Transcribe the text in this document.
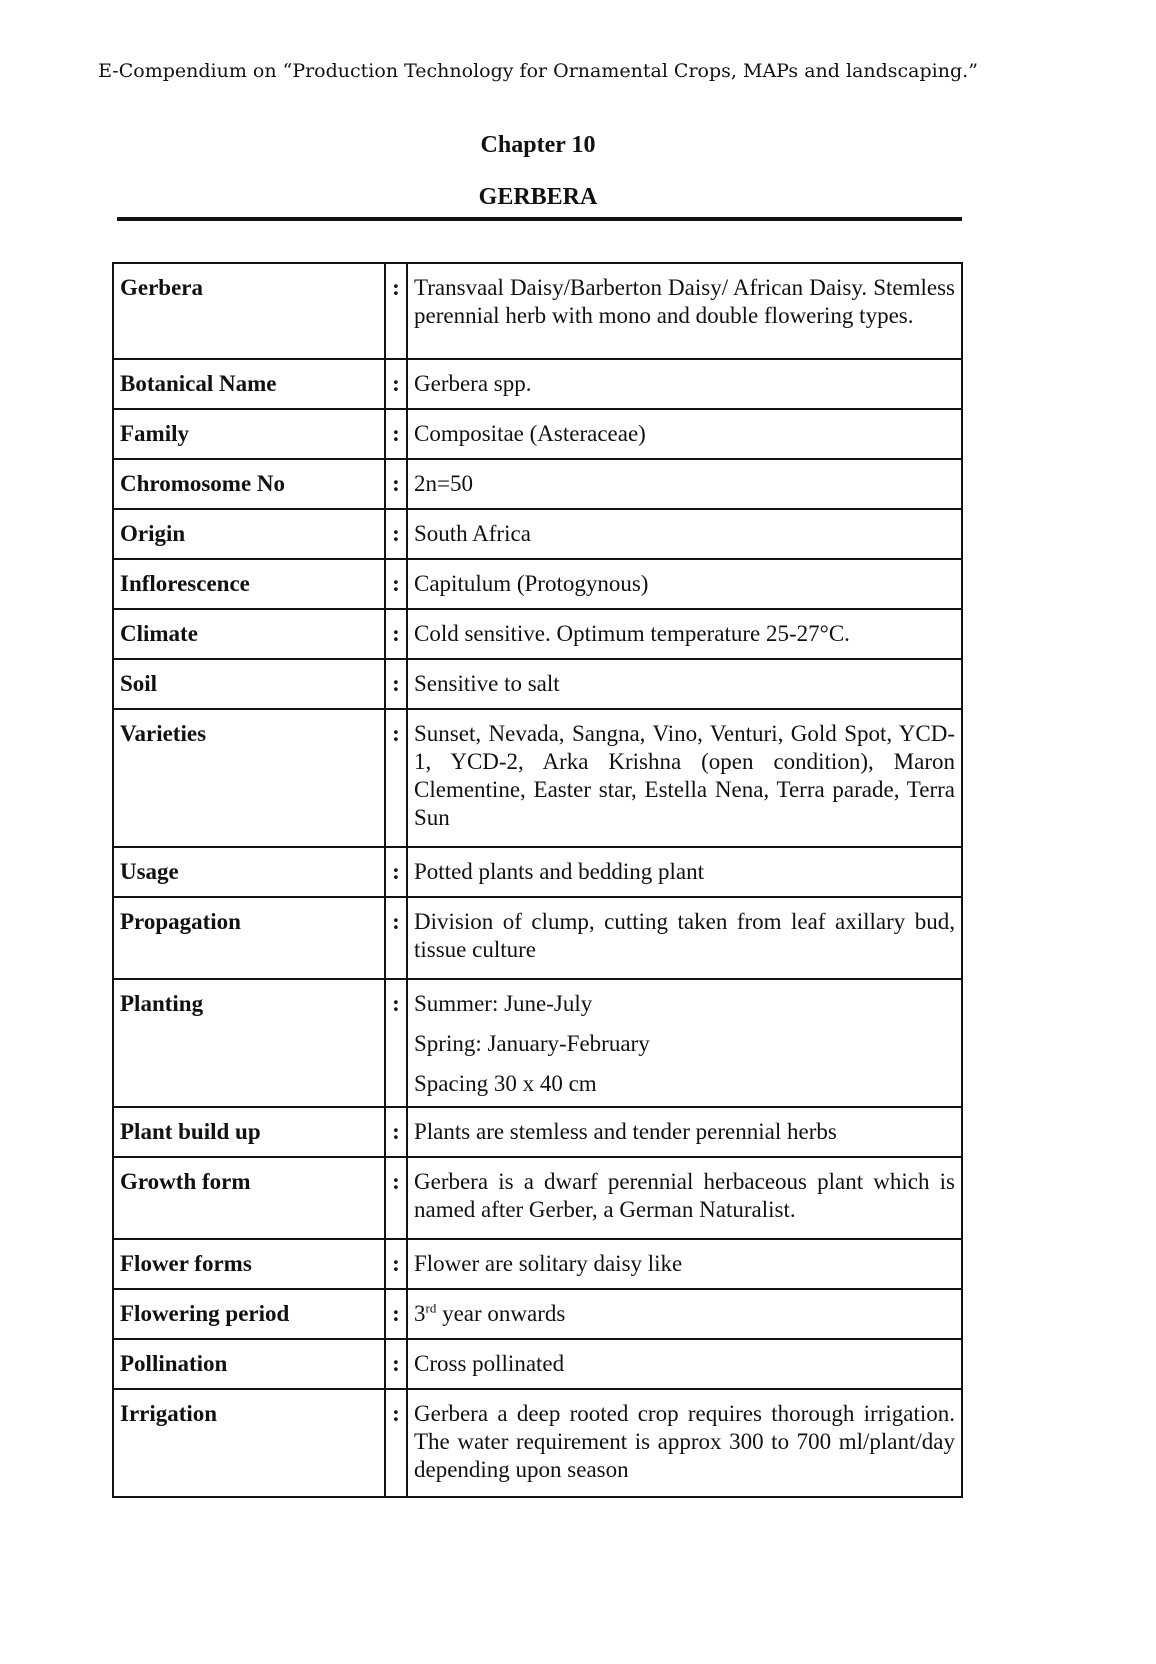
E-Compendium on “Production Technology for Ornamental Crops, MAPs and landscaping.”
Chapter 10
GERBERA
Gerbera	:	Transvaal Daisy/Barberton Daisy/ African Daisy. Stemless perennial herb with mono and double flowering types.
Botanical Name	:	Gerbera spp.
Family	:	Compositae (Asteraceae)
Chromosome No	:	2n=50
Origin	:	South Africa
Inflorescence	:	Capitulum (Protogynous)
Climate	:	Cold sensitive. Optimum temperature 25-27°C.
Soil	:	Sensitive to salt
Varieties	:	Sunset, Nevada, Sangna, Vino, Venturi, Gold Spot, YCD-1, YCD-2, Arka Krishna (open condition), Maron Clementine, Easter star, Estella Nena, Terra parade, Terra Sun
Usage	:	Potted plants and bedding plant
Propagation	:	Division of clump, cutting taken from leaf axillary bud, tissue culture
Planting	:	Summer: June-July
Spring: January-February
Spacing 30 x 40 cm

Plant build up	:	Plants are stemless and tender perennial herbs
Growth form	:	Gerbera is a dwarf perennial herbaceous plant which is named after Gerber, a German Naturalist.
Flower forms	:	Flower are solitary daisy like
Flowering period	:	3rd year onwards
Pollination	:	Cross pollinated
Irrigation	:	Gerbera a deep rooted crop requires thorough irrigation. The water requirement is approx 300 to 700 ml/plant/day depending upon season
